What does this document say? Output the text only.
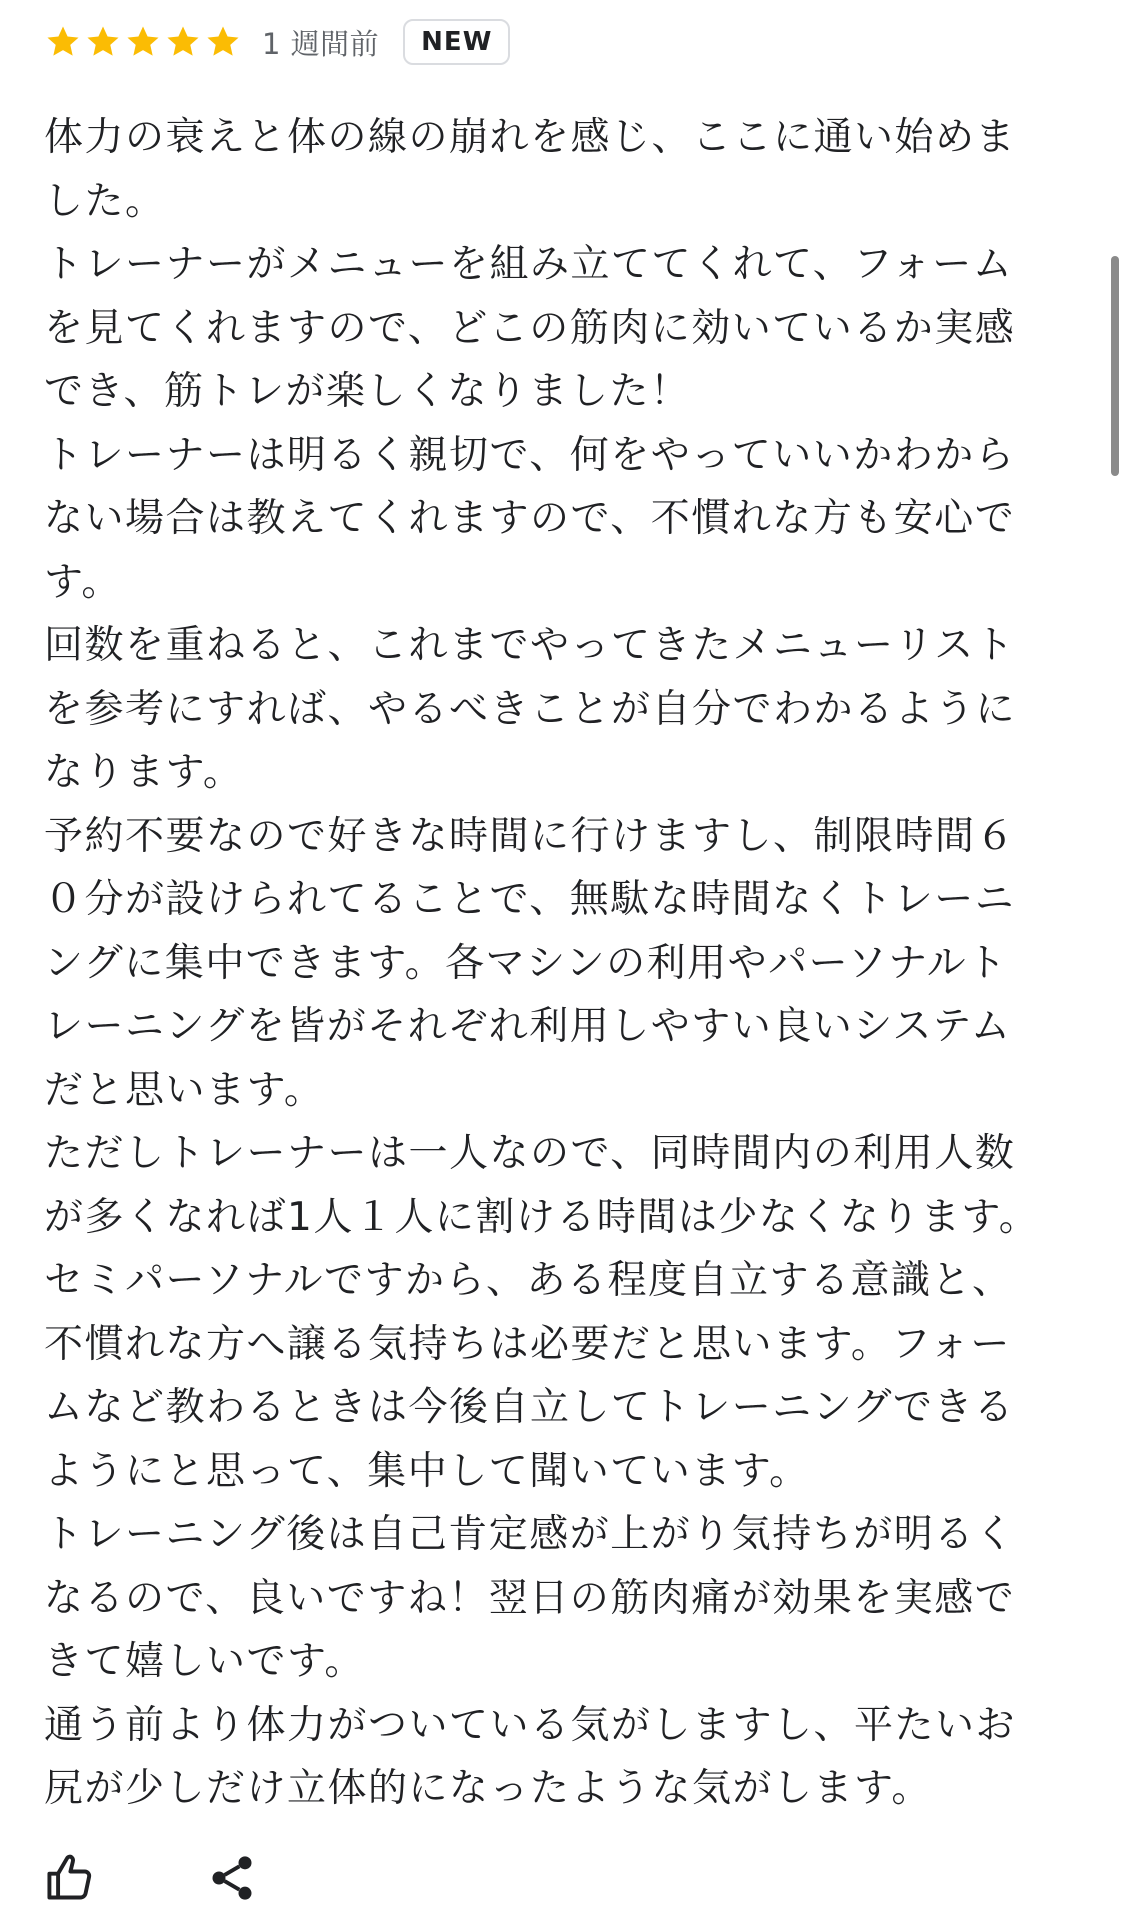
1 週間前	NEW
体力の衰えと体の線の崩れを感じ、ここに通い始めま
した。
トレーナーがメニューを組み立ててくれて、フォーム
を見てくれますので、どこの筋肉に効いているか実感
でき、筋トレが楽しくなりました！
トレーナーは明るく親切で、何をやっていいかわから
ない場合は教えてくれますので、不慣れな方も安心で
す。
回数を重ねると、これまでやってきたメニューリスト
を参考にすれば、やるべきことが自分でわかるように
なります。
予約不要なので好きな時間に行けますし、制限時間６
０分が設けられてることで、無駄な時間なくトレーニ
ングに集中できます。各マシンの利用やパーソナルト
レーニングを皆がそれぞれ利用しやすい良いシステム
だと思います。
ただしトレーナーは一人なので、同時間内の利用人数
が多くなれば1人１人に割ける時間は少なくなります。
セミパーソナルですから、ある程度自立する意識と、
不慣れな方へ譲る気持ちは必要だと思います。フォー
ムなど教わるときは今後自立してトレーニングできる
ようにと思って、集中して聞いています。
トレーニング後は自己肯定感が上がり気持ちが明るく
なるので、良いですね！翌日の筋肉痛が効果を実感で
きて嬉しいです。
通う前より体力がついている気がしますし、平たいお
尻が少しだけ立体的になったような気がします。
